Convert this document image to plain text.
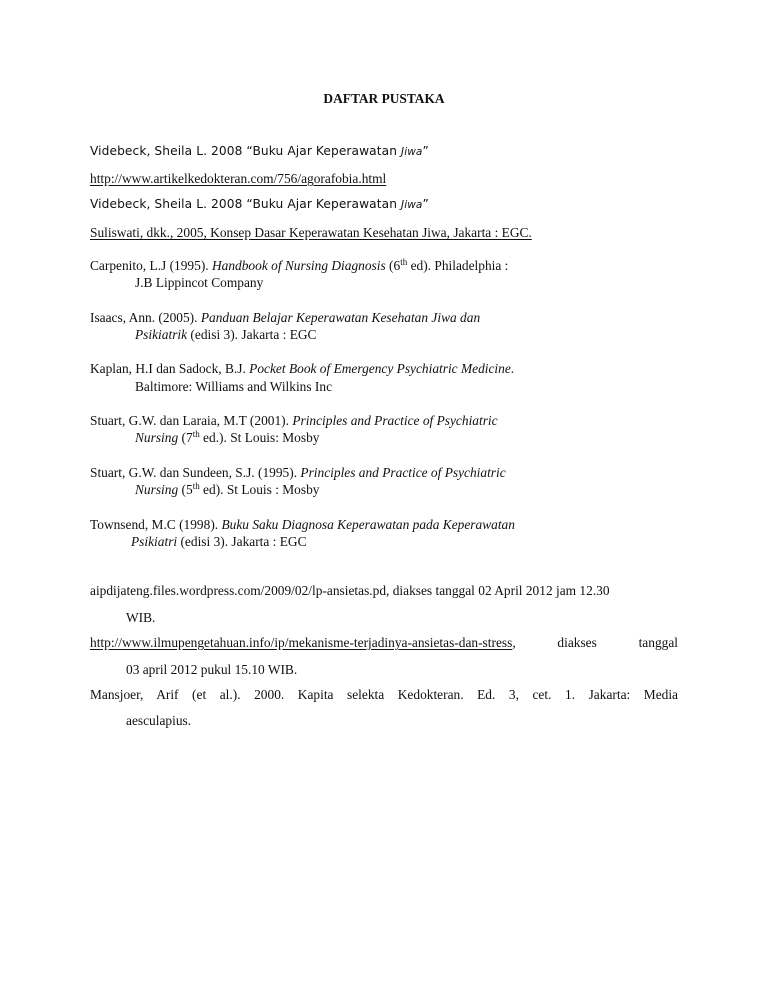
DAFTAR PUSTAKA
Videbeck, Sheila L. 2008 “Buku Ajar Keperawatan Jiwa”
http://www.artikelkedokteran.com/756/agorafobia.html
Videbeck, Sheila L. 2008 “Buku Ajar Keperawatan Jiwa”
Suliswati, dkk., 2005, Konsep Dasar Keperawatan Kesehatan Jiwa, Jakarta : EGC.
Carpenito, L.J (1995). Handbook of Nursing Diagnosis (6th ed). Philadelphia :
J.B Lippincot Company
Isaacs, Ann. (2005). Panduan Belajar Keperawatan Kesehatan Jiwa dan
Psikiatrik (edisi 3). Jakarta : EGC
Kaplan, H.I dan Sadock, B.J. Pocket Book of Emergency Psychiatric Medicine.
Baltimore: Williams and Wilkins Inc
Stuart, G.W. dan Laraia, M.T (2001). Principles and Practice of Psychiatric
Nursing (7th ed.). St Louis: Mosby
Stuart, G.W. dan Sundeen, S.J. (1995). Principles and Practice of Psychiatric
Nursing (5th ed). St Louis : Mosby
Townsend, M.C (1998). Buku Saku Diagnosa Keperawatan pada Keperawatan
Psikiatri (edisi 3). Jakarta : EGC
aipdijateng.files.wordpress.com/2009/02/lp-ansietas.pd, diakses tanggal 02 April 2012 jam 12.30
WIB.
http://www.ilmupengetahuan.info/ip/mekanisme-terjadinya-ansietas-dan-stress,  diakses  tanggal
03 april 2012 pukul 15.10 WIB.
Mansjoer,  Arif  (et  al.).  2000.  Kapita  selekta  Kedokteran.  Ed.  3,  cet.  1.  Jakarta:  Media
aesculapius.
